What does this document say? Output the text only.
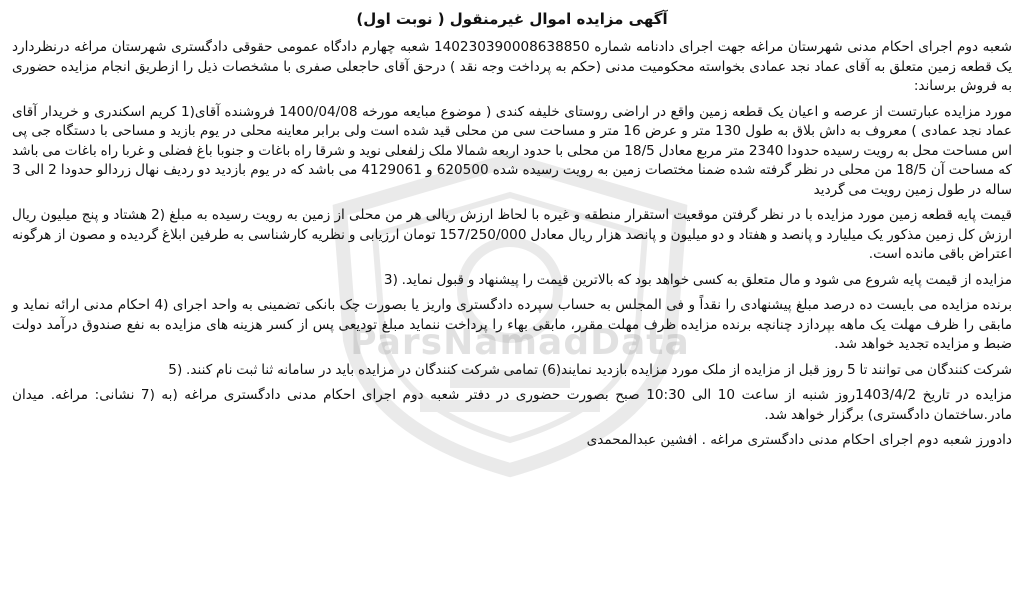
ParsNamadData
آگهی مزایده اموال غیرمنقول ( نوبت اول)
شعبه دوم اجرای احکام مدنی شهرستان مراغه جهت اجرای دادنامه شماره 140230390008638850 شعبه چهارم دادگاه عمومی حقوقی دادگستری شهرستان مراغه درنظردارد یک قطعه زمین متعلق به آقای عماد نجد عمادی بخواسته محکومیت مدنی (حکم به پرداخت وجه نقد ) درحق آقای حاجعلی صفری با مشخصات ذیل را ازطریق انجام مزایده حضوری به فروش برساند:
مورد مزایده عبارتست از عرصه و اعیان یک قطعه زمین واقع در اراضی روستای خلیفه کندی ( موضوع مبایعه مورخه 1400/04/08 فروشنده آقای(1 کریم اسکندری و خریدار آقای عماد نجد عمادی ) معروف به داش بلاق به طول 130 متر و عرض 16 متر و مساحت سی من محلی قید شده است ولی برابر معاینه محلی در یوم بازید و مساحی با دستگاه جی پی اس مساحت محل به رویت رسیده حدودا 2340 متر مربع معادل 18/5 من محلی با حدود اربعه شمالا ملک زلفعلی نوید و شرقا راه باغات و جنوبا باغ فضلی و غربا راه باغات می باشد که مساحت آن 18/5 من محلی در نظر گرفته شده ضمنا مختصات زمین به رویت رسیده شده 620500 و 4129061 می باشد که در یوم بازدید دو ردیف نهال زردالو حدودا 2 الی 3 ساله در طول زمین رویت می گردید
قیمت پایه قطعه زمین مورد مزایده با در نظر گرفتن موقعیت استقرار منطقه و غیره با لحاظ ارزش ریالی هر من محلی از زمین به رویت رسیده به مبلغ (2 هشتاد و پنج میلیون ریال ارزش کل زمین مذکور یک میلیارد و پانصد و هفتاد و دو میلیون و پانصد هزار ریال معادل 157/250/000 تومان ارزیابی و نظریه کارشناسی به طرفین ابلاغ گردیده و مصون از هرگونه اعتراض باقی مانده است.
مزایده از قیمت پایه شروع می شود و مال متعلق به کسی خواهد بود که بالاترین قیمت را پیشنهاد و قبول نماید. (3
برنده مزایده می بایست ده درصد مبلغ پیشنهادی را نقداً و فی المجلس به حساب سپرده دادگستری واریز یا بصورت چک بانکی تضمینی به واحد اجرای (4 احکام مدنی ارائه نماید و مابقی را ظرف مهلت یک ماهه بپردازد چنانچه برنده مزایده ظرف مهلت مقرر، مابقی بهاء را پرداخت ننماید مبلغ تودیعی پس از کسر هزینه های مزایده به نفع صندوق درآمد دولت ضبط و مزایده تجدید خواهد شد.
شرکت کنندگان می توانند تا 5 روز قبل از مزایده از ملک مورد مزایده بازدید نمایند(6) تمامی شرکت کنندگان در مزایده باید در سامانه ثنا ثبت نام کنند. (5
مزایده در تاریخ 1403/4/2روز شنبه از ساعت 10 الی 10:30 صبح بصورت حضوری در دفتر شعبه دوم اجرای احکام مدنی دادگستری مراغه (به (7 نشانی: مراغه. میدان مادر.ساختمان دادگستری) برگزار خواهد شد.
دادورز شعبه دوم اجرای احکام مدنی دادگستری مراغه . افشین عبدالمحمدی
